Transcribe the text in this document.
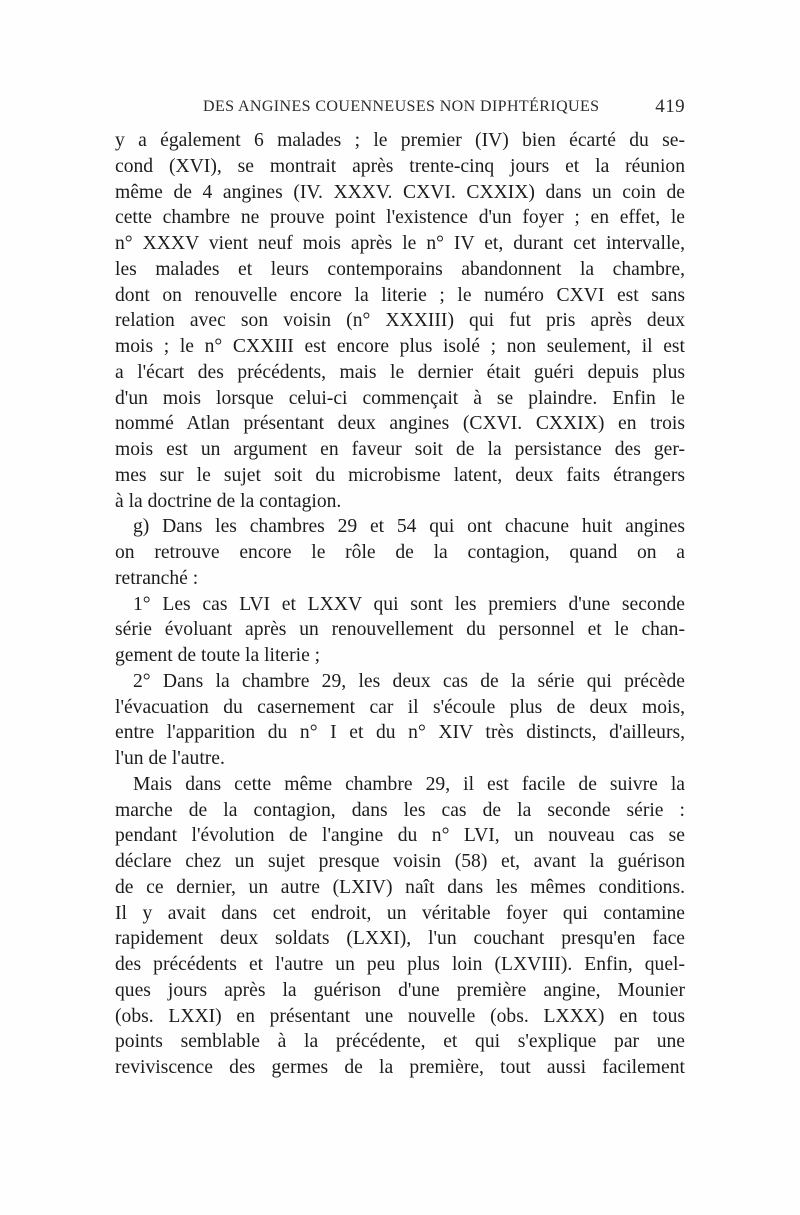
DES ANGINES COUENNEUSES NON DIPHTÉRIQUES	419
y a également 6 malades ; le premier (IV) bien écarté du se-
cond (XVI), se montrait après trente-cinq jours et la réunion
même de 4 angines (IV. XXXV. CXVI. CXXIX) dans un coin de
cette chambre ne prouve point l'existence d'un foyer ; en effet, le
n° XXXV vient neuf mois après le n° IV et, durant cet intervalle,
les malades et leurs contemporains abandonnent la chambre,
dont on renouvelle encore la literie ; le numéro CXVI est sans
relation avec son voisin (n° XXXIII) qui fut pris après deux
mois ; le n° CXXIII est encore plus isolé ; non seulement, il est
a l'écart des précédents, mais le dernier était guéri depuis plus
d'un mois lorsque celui-ci commençait à se plaindre. Enfin le
nommé Atlan présentant deux angines (CXVI. CXXIX) en trois
mois est un argument en faveur soit de la persistance des ger-
mes sur le sujet soit du microbisme latent, deux faits étrangers
à la doctrine de la contagion.
g) Dans les chambres 29 et 54 qui ont chacune huit angines
on retrouve encore le rôle de la contagion, quand on a
retranché :
1° Les cas LVI et LXXV qui sont les premiers d'une seconde
série évoluant après un renouvellement du personnel et le chan-
gement de toute la literie ;
2° Dans la chambre 29, les deux cas de la série qui précède
l'évacuation du casernement car il s'écoule plus de deux mois,
entre l'apparition du n° I et du n° XIV très distincts, d'ailleurs,
l'un de l'autre.
Mais dans cette même chambre 29, il est facile de suivre la
marche de la contagion, dans les cas de la seconde série :
pendant l'évolution de l'angine du n° LVI, un nouveau cas se
déclare chez un sujet presque voisin (58) et, avant la guérison
de ce dernier, un autre (LXIV) naît dans les mêmes conditions.
Il y avait dans cet endroit, un véritable foyer qui contamine
rapidement deux soldats (LXXI), l'un couchant presqu'en face
des précédents et l'autre un peu plus loin (LXVIII). Enfin, quel-
ques jours après la guérison d'une première angine, Mounier
(obs. LXXI) en présentant une nouvelle (obs. LXXX) en tous
points semblable à la précédente, et qui s'explique par une
reviviscence des germes de la première, tout aussi facilement
